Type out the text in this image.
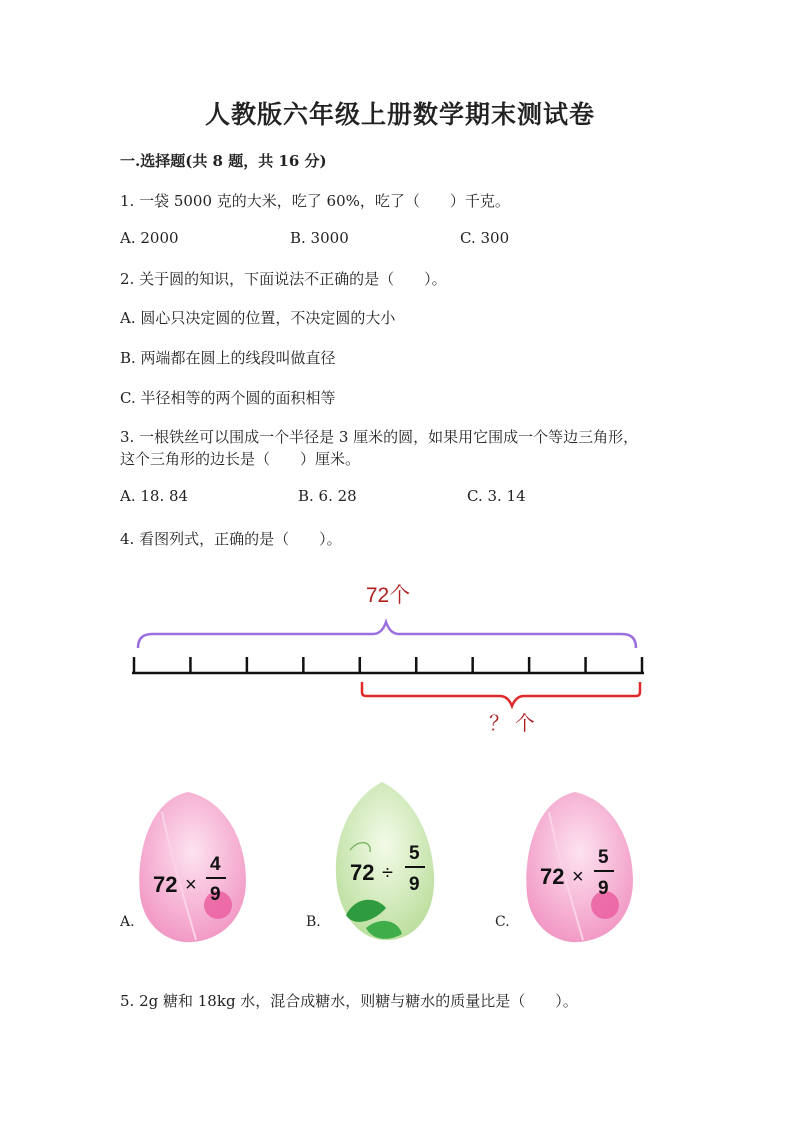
人教版六年级上册数学期末测试卷
一.选择题(共 8 题，共 16 分)
1. 一袋 5000 克的大米，吃了 60%，吃了（　　）千克。
A. 2000	B. 3000	C. 300
2. 关于圆的知识，下面说法不正确的是（　　）。
A. 圆心只决定圆的位置，不决定圆的大小
B. 两端都在圆上的线段叫做直径
C. 半径相等的两个圆的面积相等
3. 一根铁丝可以围成一个半径是 3 厘米的圆，如果用它围成一个等边三角形，
这个三角形的边长是（　　）厘米。
A. 18. 84	B. 6. 28	C. 3. 14
4. 看图列式，正确的是（　　）。
72个
？ 个
72 ×
4
9
72 ÷
5
9	72 ×
5
9
A.	B.	C.
5. 2g 糖和 18kg 水，混合成糖水，则糖与糖水的质量比是（　　）。
